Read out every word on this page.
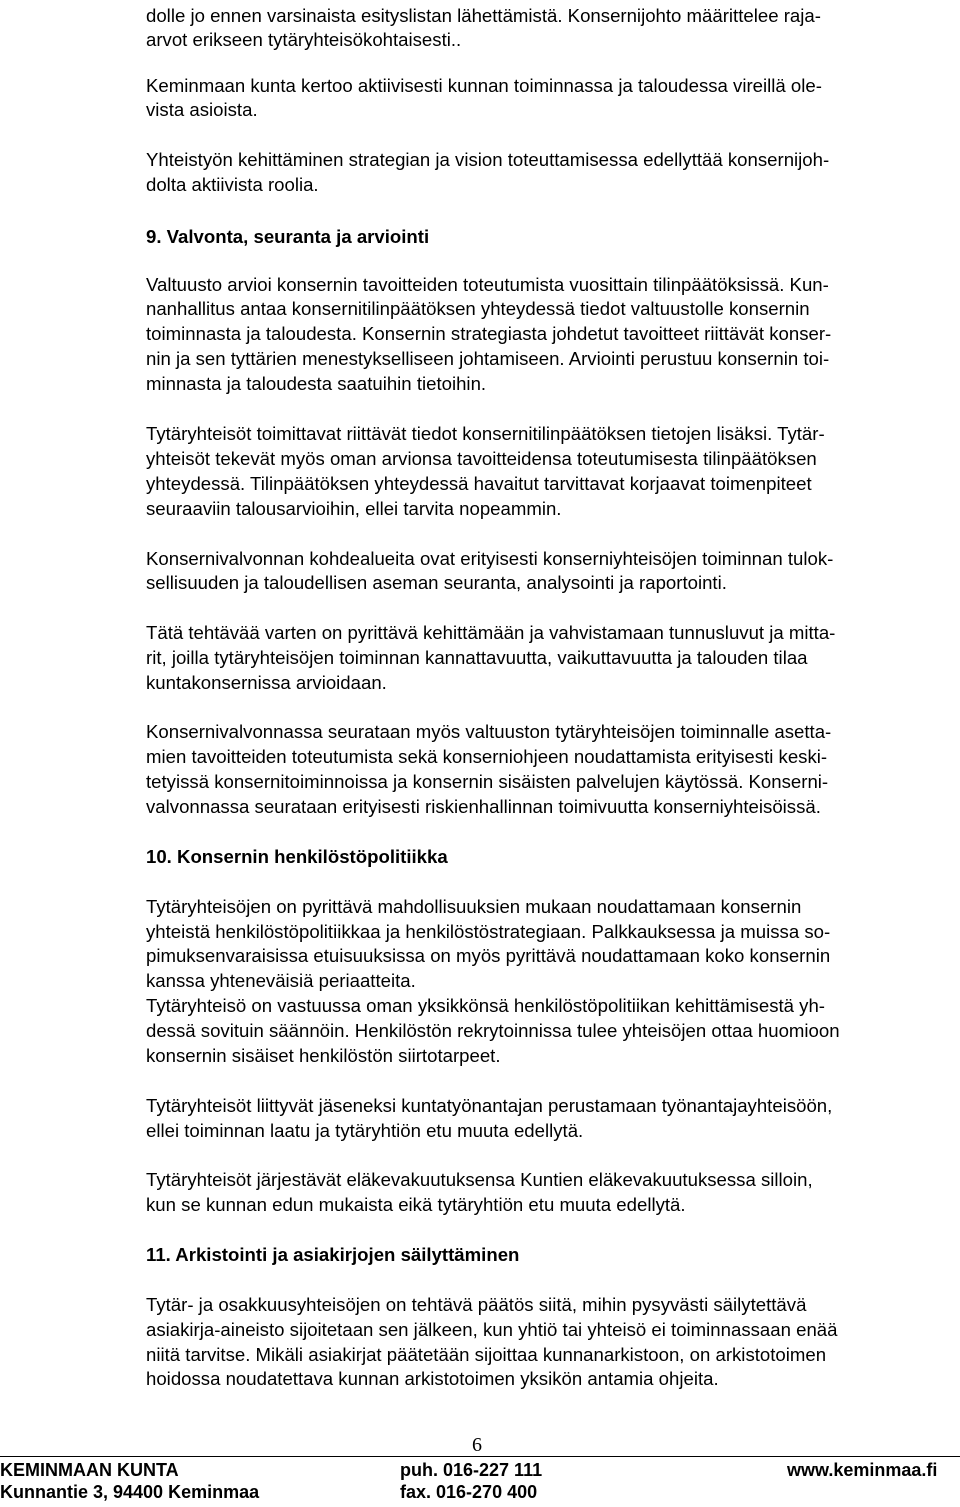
dolle jo ennen varsinaista esityslistan lähettämistä. Konsernijohto määrittelee raja-
arvot erikseen tytäryhteisökohtaisesti..
Keminmaan kunta kertoo aktiivisesti kunnan toiminnassa ja taloudessa vireillä ole-
vista asioista.
Yhteistyön kehittäminen strategian ja vision toteuttamisessa edellyttää konsernijoh-
dolta aktiivista roolia.
9. Valvonta, seuranta ja arviointi
Valtuusto arvioi konsernin tavoitteiden toteutumista vuosittain tilinpäätöksissä. Kun-
nanhallitus antaa konsernitilinpäätöksen yhteydessä tiedot valtuustolle konsernin
toiminnasta ja taloudesta. Konsernin strategiasta johdetut tavoitteet riittävät konser-
nin ja sen tyttärien menestykselliseen johtamiseen. Arviointi perustuu konsernin toi-
minnasta ja taloudesta saatuihin tietoihin.
Tytäryhteisöt toimittavat riittävät tiedot konsernitilinpäätöksen tietojen lisäksi. Tytär-
yhteisöt tekevät myös oman arvionsa tavoitteidensa toteutumisesta tilinpäätöksen
yhteydessä. Tilinpäätöksen yhteydessä havaitut tarvittavat korjaavat toimenpiteet
seuraaviin talousarvioihin, ellei tarvita nopeammin.
Konsernivalvonnan kohdealueita ovat erityisesti konserniyhteisöjen toiminnan tulok-
sellisuuden ja taloudellisen aseman seuranta, analysointi ja raportointi.
Tätä tehtävää varten on pyrittävä kehittämään ja vahvistamaan tunnusluvut ja mitta-
rit, joilla tytäryhteisöjen toiminnan kannattavuutta, vaikuttavuutta ja talouden tilaa
kuntakonsernissa arvioidaan.
Konsernivalvonnassa seurataan myös valtuuston tytäryhteisöjen toiminnalle asetta-
mien tavoitteiden toteutumista sekä konserniohjeen noudattamista erityisesti keski-
tetyissä konsernitoiminnoissa ja konsernin sisäisten palvelujen käytössä. Konserni-
valvonnassa seurataan erityisesti riskienhallinnan toimivuutta konserniyhteisöissä.
10. Konsernin henkilöstöpolitiikka
Tytäryhteisöjen on pyrittävä mahdollisuuksien mukaan noudattamaan konsernin
yhteistä henkilöstöpolitiikkaa ja henkilöstöstrategiaan. Palkkauksessa ja muissa so-
pimuksenvaraisissa etuisuuksissa on myös pyrittävä noudattamaan koko konsernin
kanssa yhteneväisiä periaatteita.
Tytäryhteisö on vastuussa oman yksikkönsä henkilöstöpolitiikan kehittämisestä yh-
dessä sovituin säännöin. Henkilöstön rekrytoinnissa tulee yhteisöjen ottaa huomioon
konsernin sisäiset henkilöstön siirtotarpeet.
Tytäryhteisöt liittyvät jäseneksi kuntatyönantajan perustamaan työnantajayhteisöön,
ellei toiminnan laatu ja tytäryhtiön etu muuta edellytä.
Tytäryhteisöt järjestävät eläkevakuutuksensa Kuntien eläkevakuutuksessa silloin,
kun se kunnan edun mukaista eikä tytäryhtiön etu muuta edellytä.
11. Arkistointi ja asiakirjojen säilyttäminen
Tytär- ja osakkuusyhteisöjen on tehtävä päätös siitä, mihin pysyvästi säilytettävä
asiakirja-aineisto sijoitetaan sen jälkeen, kun yhtiö tai yhteisö ei toiminnassaan enää
niitä tarvitse. Mikäli asiakirjat päätetään sijoittaa kunnanarkistoon, on arkistotoimen
hoidossa noudatettava kunnan arkistotoimen yksikön antamia ohjeita.
6
KEMINMAAN KUNTA
Kunnantie 3, 94400 Keminmaa
puh. 016-227 111
fax. 016-270 400
www.keminmaa.fi
